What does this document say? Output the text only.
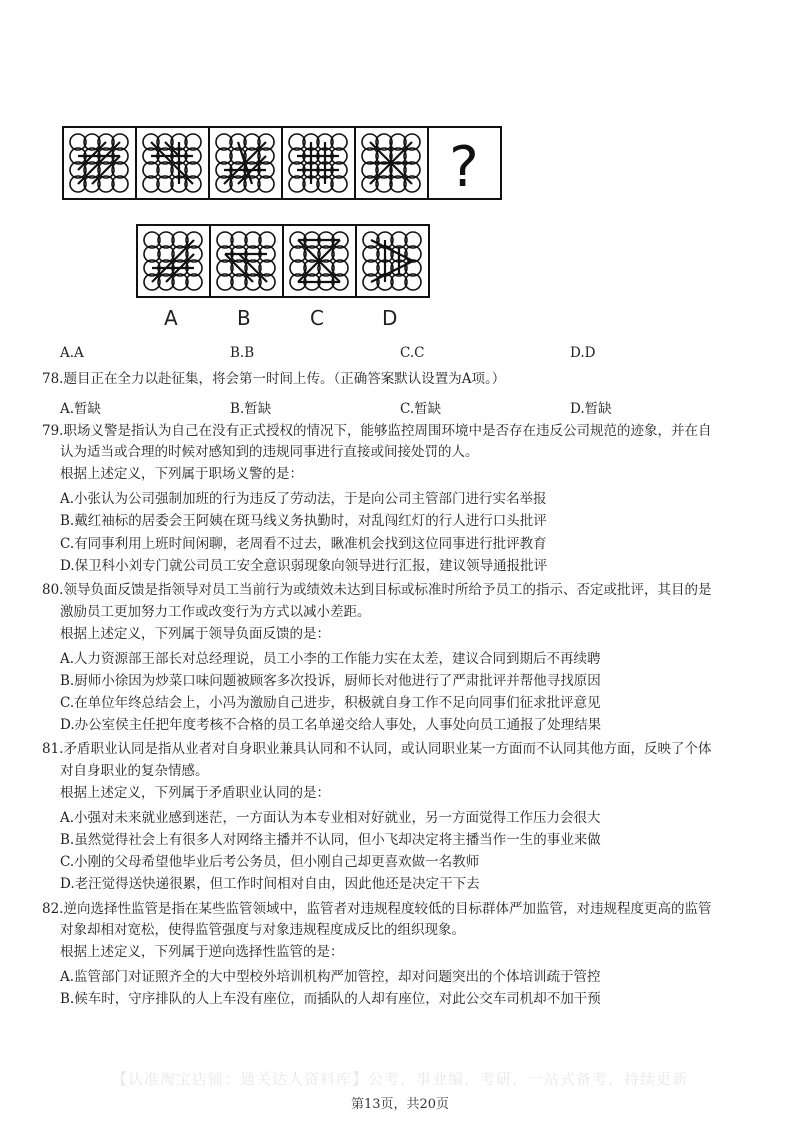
?
A	B	C	D
A.A	B.B	C.C	D.D
78.题目正在全力以赴征集，将会第一时间上传。（正确答案默认设置为A项。）
A.暂缺	B.暂缺	C.暂缺	D.暂缺
79.职场义警是指认为自己在没有正式授权的情况下，能够监控周围环境中是否存在违反公司规范的迹象，并在自
认为适当或合理的时候对感知到的违规同事进行直接或间接处罚的人。
根据上述定义，下列属于职场义警的是：
A.小张认为公司强制加班的行为违反了劳动法，于是向公司主管部门进行实名举报
B.戴红袖标的居委会王阿姨在斑马线义务执勤时，对乱闯红灯的行人进行口头批评
C.有同事利用上班时间闲聊，老周看不过去，瞅准机会找到这位同事进行批评教育
D.保卫科小刘专门就公司员工安全意识弱现象向领导进行汇报，建议领导通报批评
80.领导负面反馈是指领导对员工当前行为或绩效未达到目标或标准时所给予员工的指示、否定或批评，其目的是
激励员工更加努力工作或改变行为方式以减小差距。
根据上述定义，下列属于领导负面反馈的是：
A.人力资源部王部长对总经理说，员工小李的工作能力实在太差，建议合同到期后不再续聘
B.厨师小徐因为炒菜口味问题被顾客多次投诉，厨师长对他进行了严肃批评并帮他寻找原因
C.在单位年终总结会上，小冯为激励自己进步，积极就自身工作不足向同事们征求批评意见
D.办公室侯主任把年度考核不合格的员工名单递交给人事处，人事处向员工通报了处理结果
81.矛盾职业认同是指从业者对自身职业兼具认同和不认同，或认同职业某一方面而不认同其他方面，反映了个体
对自身职业的复杂情感。
根据上述定义，下列属于矛盾职业认同的是：
A.小强对未来就业感到迷茫，一方面认为本专业相对好就业，另一方面觉得工作压力会很大
B.虽然觉得社会上有很多人对网络主播并不认同，但小飞却决定将主播当作一生的事业来做
C.小刚的父母希望他毕业后考公务员，但小刚自己却更喜欢做一名教师
D.老汪觉得送快递很累，但工作时间相对自由，因此他还是决定干下去
82.逆向选择性监管是指在某些监管领域中，监管者对违规程度较低的目标群体严加监管，对违规程度更高的监管
对象却相对宽松，使得监管强度与对象违规程度成反比的组织现象。
根据上述定义，下列属于逆向选择性监管的是：
A.监管部门对证照齐全的大中型校外培训机构严加管控，却对问题突出的个体培训疏于管控
B.候车时，守序排队的人上车没有座位，而插队的人却有座位，对此公交车司机却不加干预
【认准淘宝店铺：通关达人资料库】公考，事业编，考研，一站式备考，持续更新
第13页，共20页
